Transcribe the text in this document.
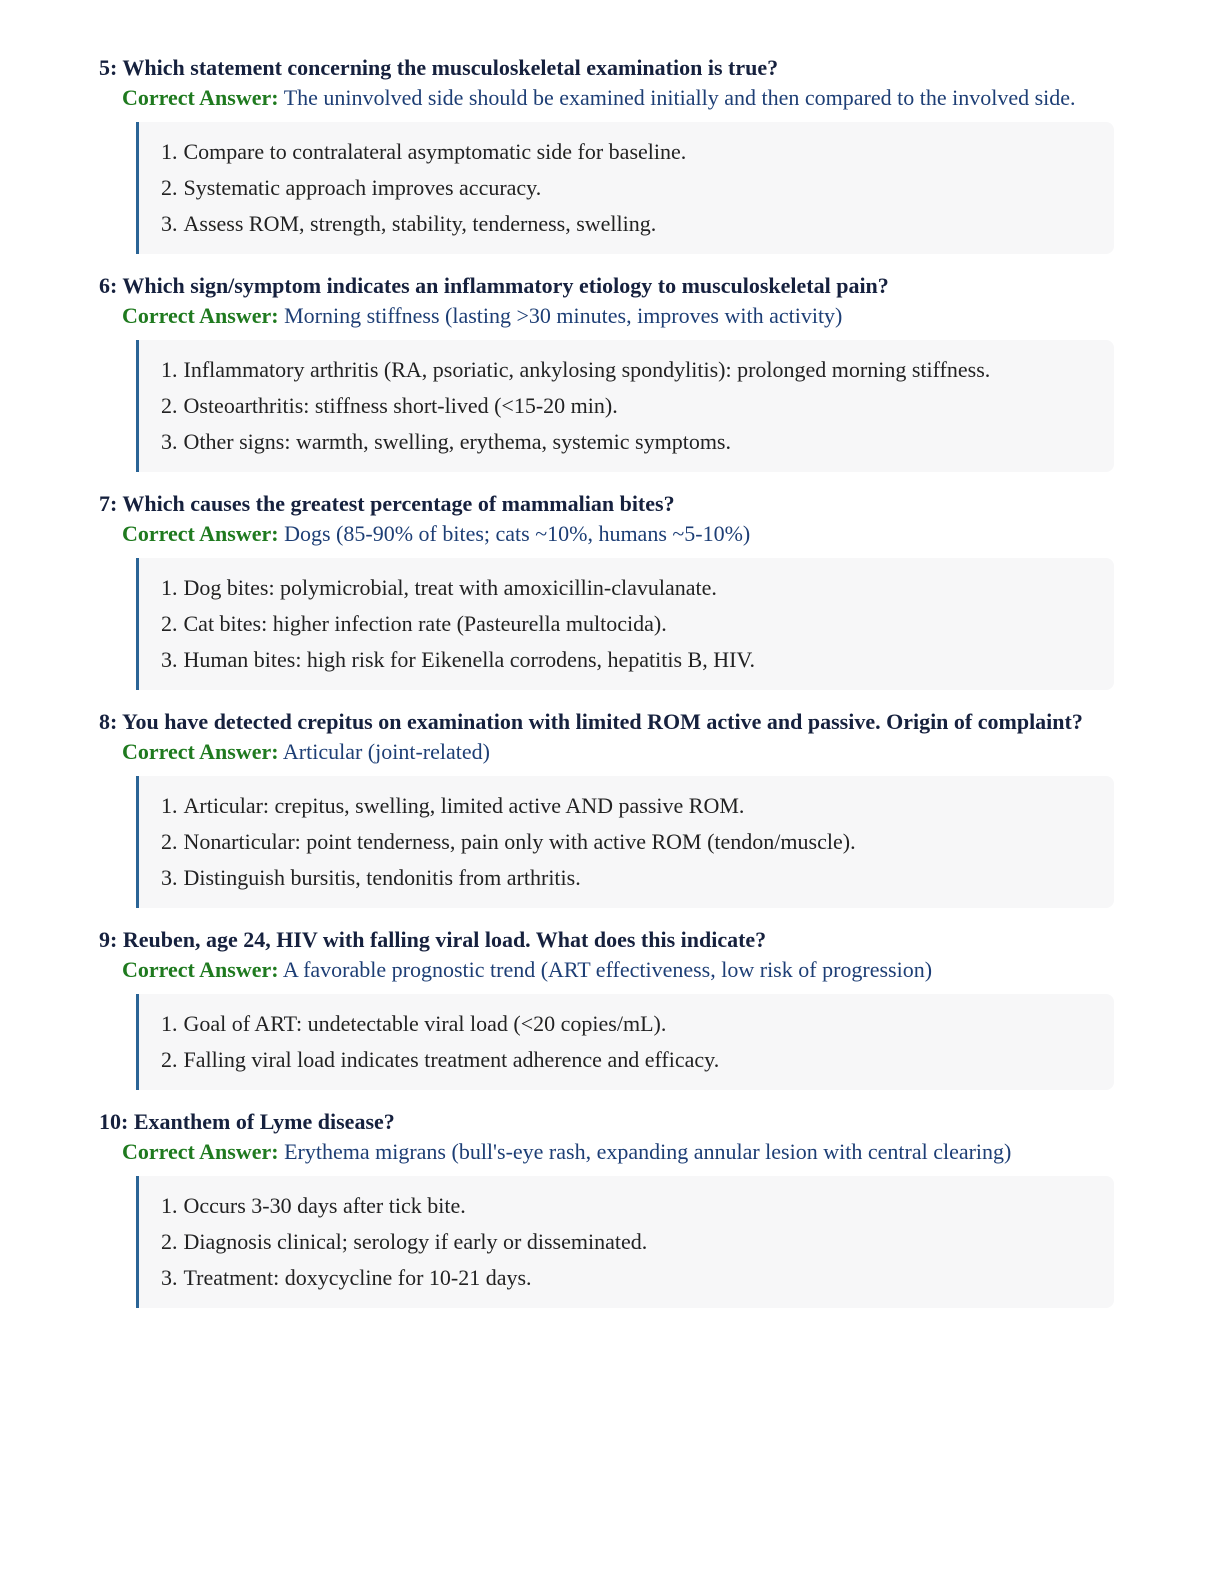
5: Which statement concerning the musculoskeletal examination is true?
Correct Answer: The uninvolved side should be examined initially and then compared to the involved side.
1. Compare to contralateral asymptomatic side for baseline.
2. Systematic approach improves accuracy.
3. Assess ROM, strength, stability, tenderness, swelling.
6: Which sign/symptom indicates an inflammatory etiology to musculoskeletal pain?
Correct Answer: Morning stiffness (lasting >30 minutes, improves with activity)
1. Inflammatory arthritis (RA, psoriatic, ankylosing spondylitis): prolonged morning stiffness.
2. Osteoarthritis: stiffness short-lived (<15-20 min).
3. Other signs: warmth, swelling, erythema, systemic symptoms.
7: Which causes the greatest percentage of mammalian bites?
Correct Answer: Dogs (85-90% of bites; cats ~10%, humans ~5-10%)
1. Dog bites: polymicrobial, treat with amoxicillin-clavulanate.
2. Cat bites: higher infection rate (Pasteurella multocida).
3. Human bites: high risk for Eikenella corrodens, hepatitis B, HIV.
8: You have detected crepitus on examination with limited ROM active and passive. Origin of complaint?
Correct Answer: Articular (joint-related)
1. Articular: crepitus, swelling, limited active AND passive ROM.
2. Nonarticular: point tenderness, pain only with active ROM (tendon/muscle).
3. Distinguish bursitis, tendonitis from arthritis.
9: Reuben, age 24, HIV with falling viral load. What does this indicate?
Correct Answer: A favorable prognostic trend (ART effectiveness, low risk of progression)
1. Goal of ART: undetectable viral load (<20 copies/mL).
2. Falling viral load indicates treatment adherence and efficacy.
10: Exanthem of Lyme disease?
Correct Answer: Erythema migrans (bull's-eye rash, expanding annular lesion with central clearing)
1. Occurs 3-30 days after tick bite.
2. Diagnosis clinical; serology if early or disseminated.
3. Treatment: doxycycline for 10-21 days.
